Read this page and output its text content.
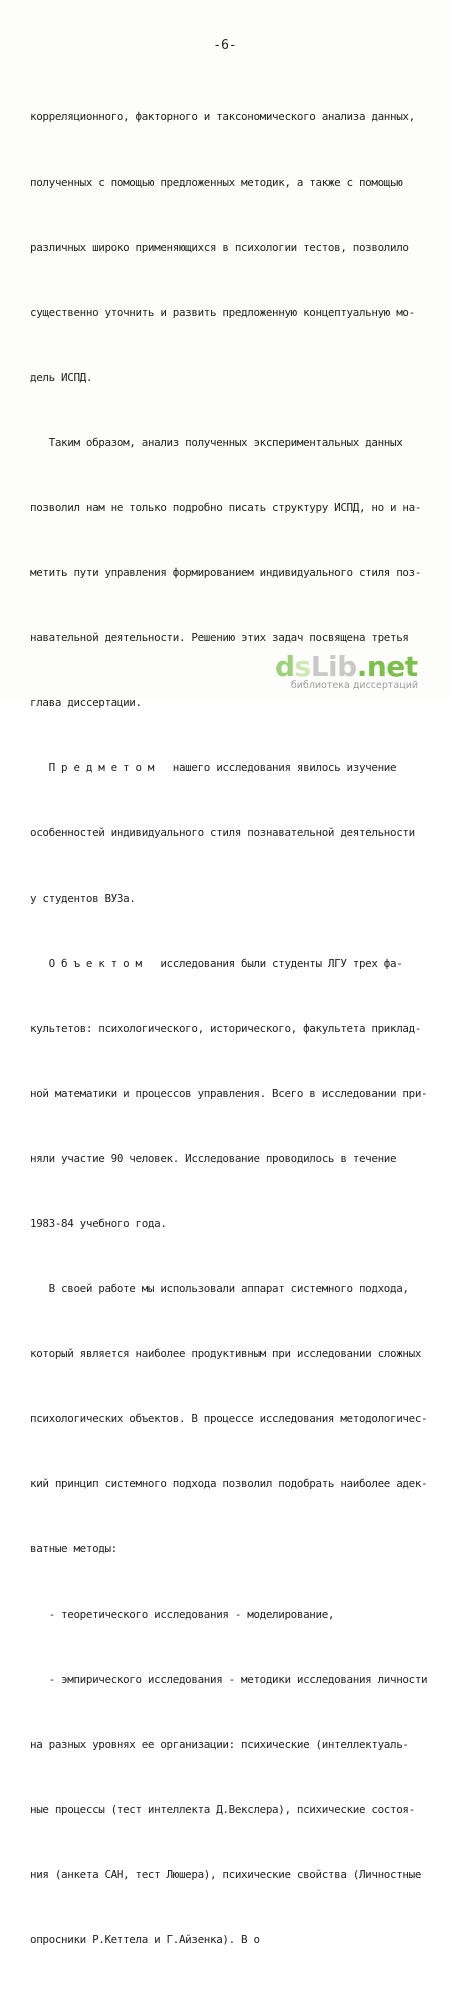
-6-

корреляционного, факторного и таксономического анализа данных,

полученных с помощью предложенных методик, а также с помощью

различных широко применяющихся в психологии тестов, позволило

существенно уточнить и развить предложенную концептуальную мо-

дель ИСПД.

Таким образом, анализ полученных экспериментальных данных

позволил нам не только подробно писать структуру ИСПД, но и на-

метить пути управления формированием индивидуального стиля поз-

навательной деятельности. Решению этих задач посвящена третья

глава диссертации.

П р е д м е т о м   нашего исследования явилось изучение

особенностей индивидуального стиля познавательной деятельности

у студентов ВУЗа.

О б ъ е к т о м   исследования были студенты ЛГУ трех фа-

культетов: психологического, исторического, факультета приклад-

ной математики и процессов управления. Всего в исследовании при-

няли участие 90 человек. Исследование проводилось в течение

1983-84 учебного года.

В своей работе мы использовали аппарат системного подхода,

который является наиболее продуктивным при исследовании сложных

психологических объектов. В процессе исследования методологичес-

кий принцип системного подхода позволил подобрать наиболее адек-

ватные методы:

- теоретического исследования - моделирование,

- эмпирического исследования - методики исследования личности

на разных уровнях ее организации: психические (интеллектуаль-

ные процессы (тест интеллекта Д.Векслера), психические состоя-

ния (анкета САН, тест Люшера), психические свойства (Личностные

опросники Р.Кеттела и Г.Айзенка). В о

dsLib.net
библиотека диссертаций
